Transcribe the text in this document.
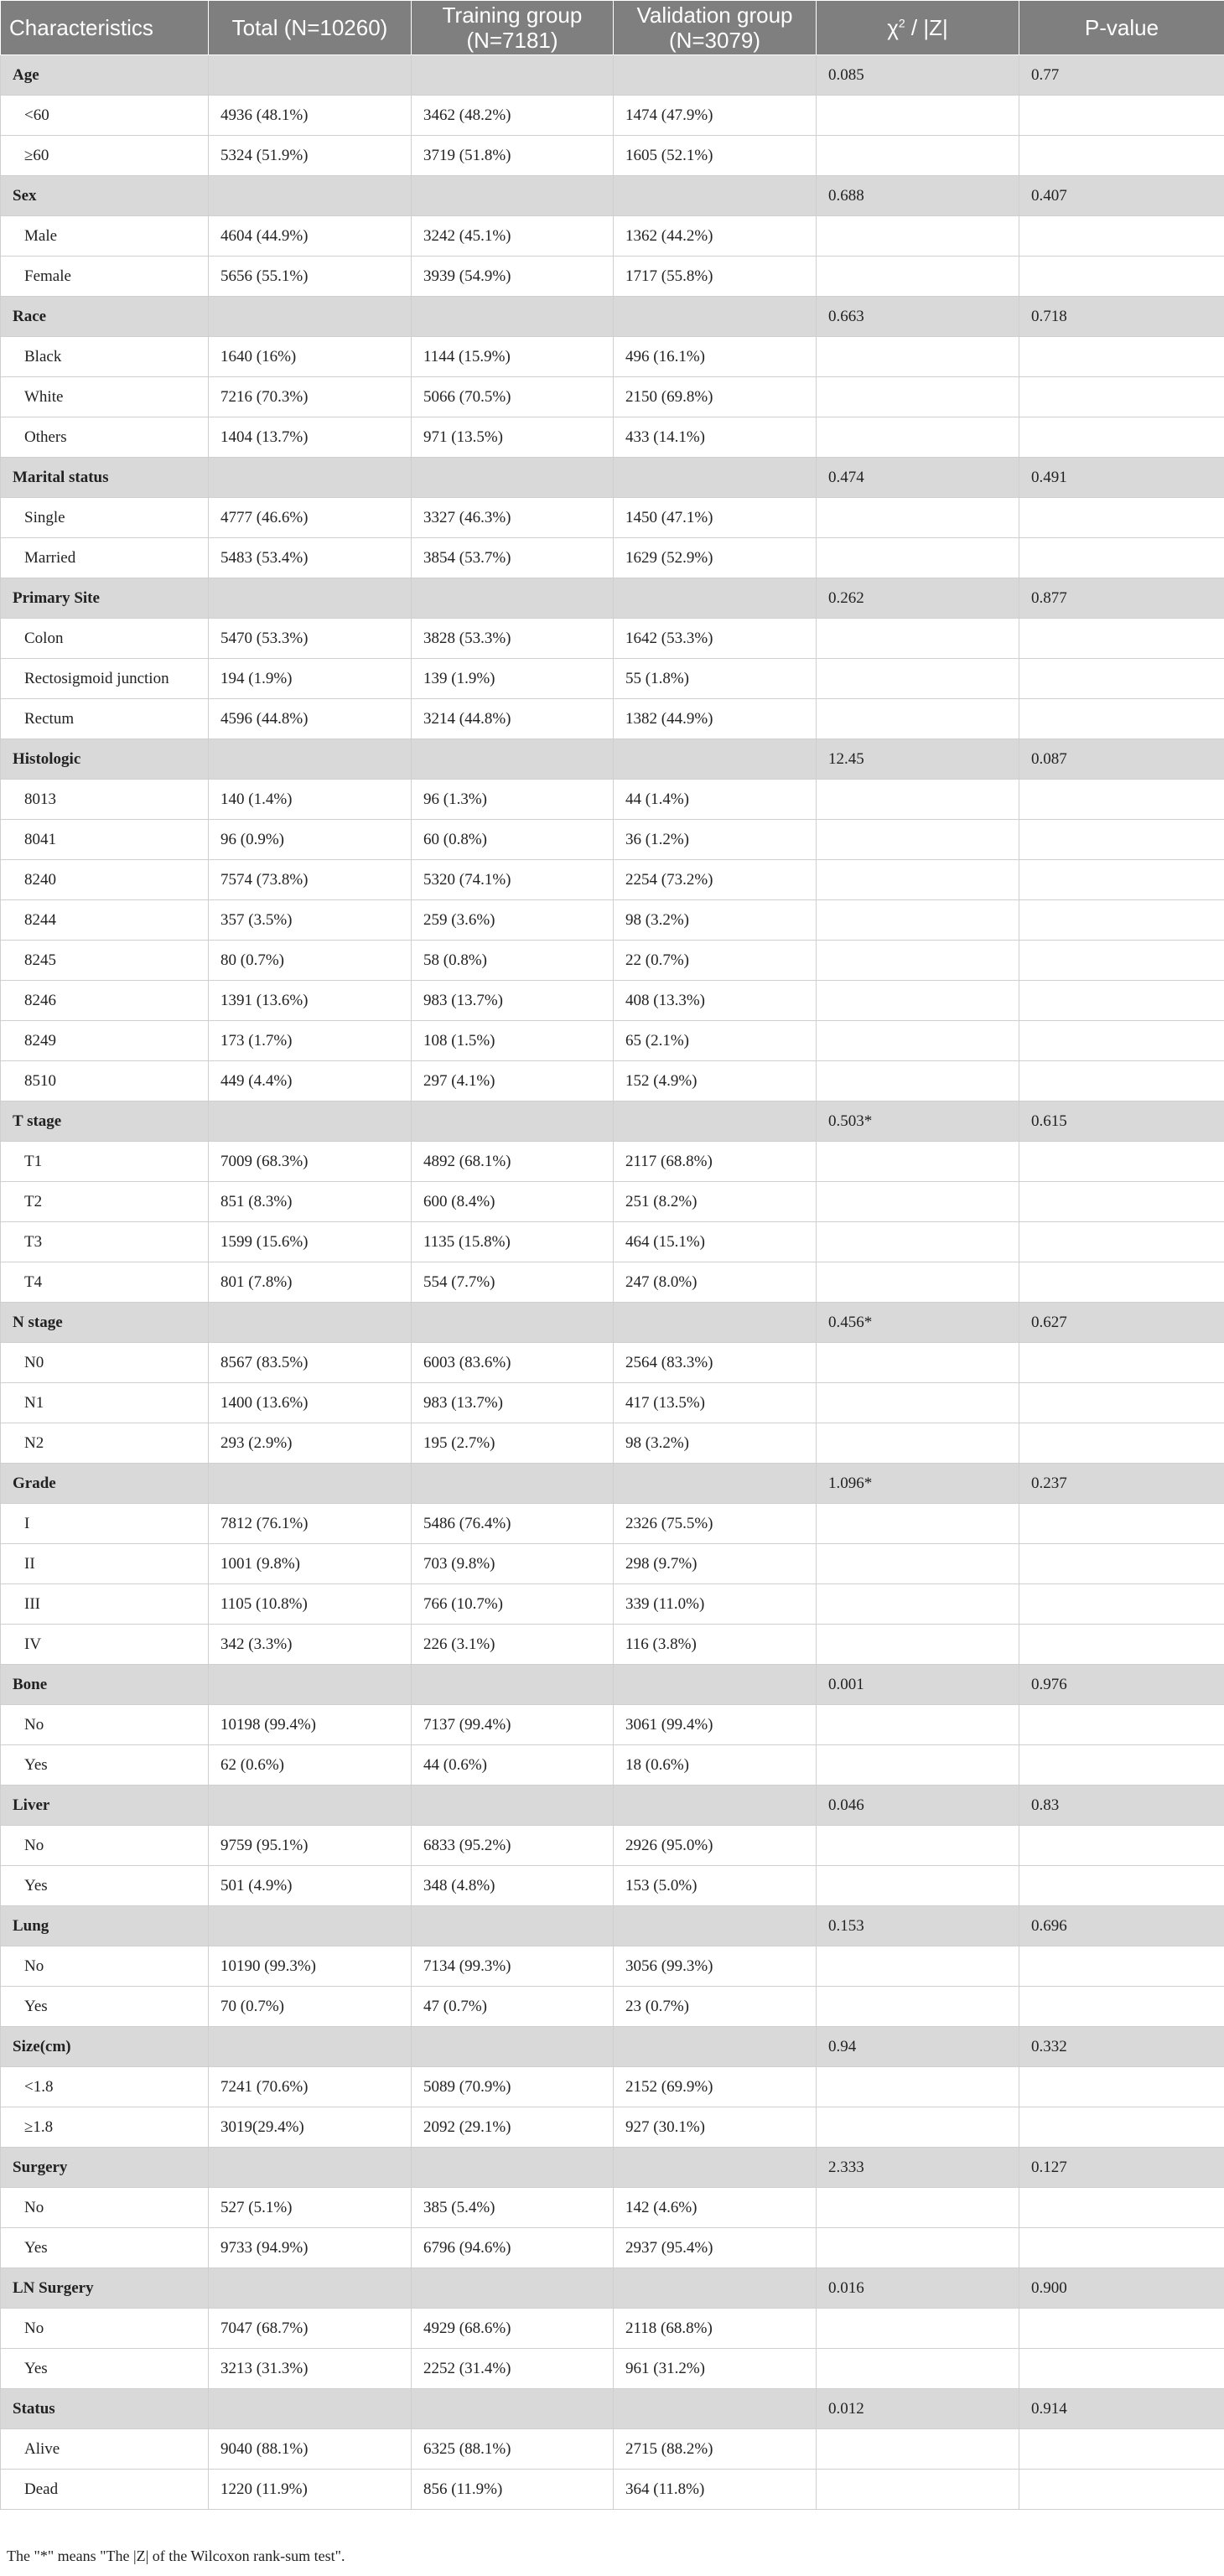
Characteristics	Total (N=10260)	Training group (N=7181)	Validation group (N=3079)	$\chi^2 / |Z|$	P-value
Age				0.085	0.77
<60	4936 (48.1%)	3462 (48.2%)	1474 (47.9%)		
≥60	5324 (51.9%)	3719 (51.8%)	1605 (52.1%)		
Sex				0.688	0.407
Male	4604 (44.9%)	3242 (45.1%)	1362 (44.2%)		
Female	5656 (55.1%)	3939 (54.9%)	1717 (55.8%)		
Race				0.663	0.718
Black	1640 (16%)	1144 (15.9%)	496 (16.1%)		
White	7216 (70.3%)	5066 (70.5%)	2150 (69.8%)		
Others	1404 (13.7%)	971 (13.5%)	433 (14.1%)		
Marital status				0.474	0.491
Single	4777 (46.6%)	3327 (46.3%)	1450 (47.1%)		
Married	5483 (53.4%)	3854 (53.7%)	1629 (52.9%)		
Primary Site				0.262	0.877
Colon	5470 (53.3%)	3828 (53.3%)	1642 (53.3%)		
Rectosigmoid junction	194 (1.9%)	139 (1.9%)	55 (1.8%)		
Rectum	4596 (44.8%)	3214 (44.8%)	1382 (44.9%)		
Histologic				12.45	0.087
8013	140 (1.4%)	96 (1.3%)	44 (1.4%)		
8041	96 (0.9%)	60 (0.8%)	36 (1.2%)		
8240	7574 (73.8%)	5320 (74.1%)	2254 (73.2%)		
8244	357 (3.5%)	259 (3.6%)	98 (3.2%)		
8245	80 (0.7%)	58 (0.8%)	22 (0.7%)		
8246	1391 (13.6%)	983 (13.7%)	408 (13.3%)		
8249	173 (1.7%)	108 (1.5%)	65 (2.1%)		
8510	449 (4.4%)	297 (4.1%)	152 (4.9%)		
T stage				0.503*	0.615
T1	7009 (68.3%)	4892 (68.1%)	2117 (68.8%)		
T2	851 (8.3%)	600 (8.4%)	251 (8.2%)		
T3	1599 (15.6%)	1135 (15.8%)	464 (15.1%)		
T4	801 (7.8%)	554 (7.7%)	247 (8.0%)		
N stage				0.456*	0.627
N0	8567 (83.5%)	6003 (83.6%)	2564 (83.3%)		
N1	1400 (13.6%)	983 (13.7%)	417 (13.5%)		
N2	293 (2.9%)	195 (2.7%)	98 (3.2%)		
Grade				1.096*	0.237
I	7812 (76.1%)	5486 (76.4%)	2326 (75.5%)		
II	1001 (9.8%)	703 (9.8%)	298 (9.7%)		
III	1105 (10.8%)	766 (10.7%)	339 (11.0%)		
IV	342 (3.3%)	226 (3.1%)	116 (3.8%)		
Bone				0.001	0.976
No	10198 (99.4%)	7137 (99.4%)	3061 (99.4%)		
Yes	62 (0.6%)	44 (0.6%)	18 (0.6%)		
Liver				0.046	0.83
No	9759 (95.1%)	6833 (95.2%)	2926 (95.0%)		
Yes	501 (4.9%)	348 (4.8%)	153 (5.0%)		
Lung				0.153	0.696
No	10190 (99.3%)	7134 (99.3%)	3056 (99.3%)		
Yes	70 (0.7%)	47 (0.7%)	23 (0.7%)		
Size(cm)				0.94	0.332
<1.8	7241 (70.6%)	5089 (70.9%)	2152 (69.9%)		
≥1.8	3019(29.4%)	2092 (29.1%)	927 (30.1%)		
Surgery				2.333	0.127
No	527 (5.1%)	385 (5.4%)	142 (4.6%)		
Yes	9733 (94.9%)	6796 (94.6%)	2937 (95.4%)		
LN Surgery				0.016	0.900
No	7047 (68.7%)	4929 (68.6%)	2118 (68.8%)		
Yes	3213 (31.3%)	2252 (31.4%)	961 (31.2%)		
Status				0.012	0.914
Alive	9040 (88.1%)	6325 (88.1%)	2715 (88.2%)		
Dead	1220 (11.9%)	856 (11.9%)	364 (11.8%)		
The "*" means "The |Z| of the Wilcoxon rank-sum test".
